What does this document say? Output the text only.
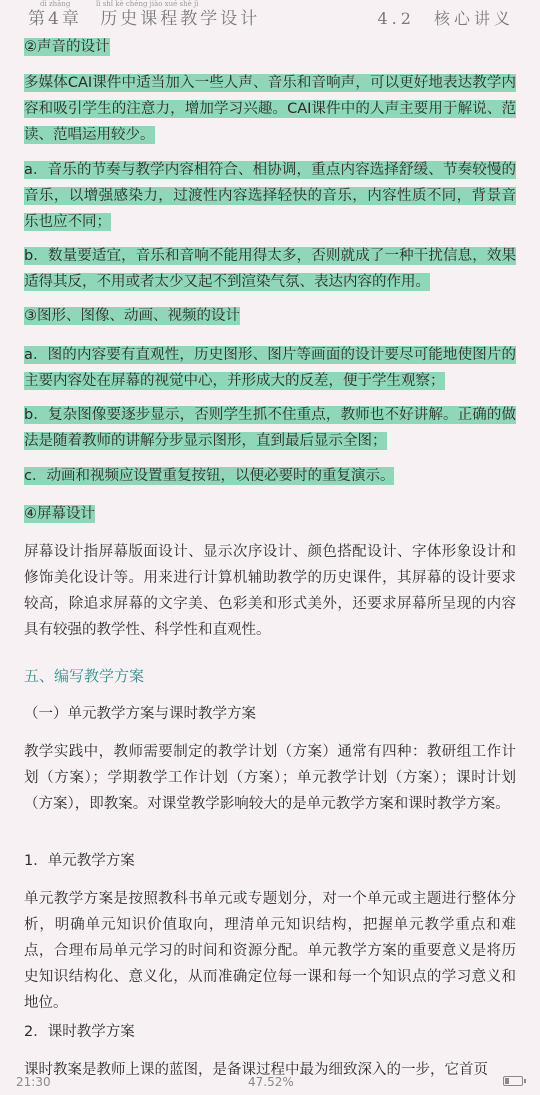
dì zhāng
第4章 历史课程教学设计
lì shǐ kè chéng jiào xué shè jì
4.2 核心讲义

②声音的设计

多媒体CAI课件中适当加入一些人声、音乐和音响声，可以更好地表达教学内容和吸引学生的注意力，增加学习兴趣。CAI课件中的人声主要用于解说、范读、范唱运用较少。

a．音乐的节奏与教学内容相符合、相协调，重点内容选择舒缓、节奏较慢的音乐，以增强感染力，过渡性内容选择轻快的音乐，内容性质不同，背景音乐也应不同；

b．数量要适宜，音乐和音响不能用得太多，否则就成了一种干扰信息，效果适得其反，不用或者太少又起不到渲染气氛、表达内容的作用。

③图形、图像、动画、视频的设计

a．图的内容要有直观性，历史图形、图片等画面的设计要尽可能地使图片的主要内容处在屏幕的视觉中心，并形成大的反差，便于学生观察；

b．复杂图像要逐步显示，否则学生抓不住重点，教师也不好讲解。正确的做法是随着教师的讲解分步显示图形，直到最后显示全图；

c．动画和视频应设置重复按钮，以便必要时的重复演示。

④屏幕设计

屏幕设计指屏幕版面设计、显示次序设计、颜色搭配设计、字体形象设计和修饰美化设计等。用来进行计算机辅助教学的历史课件，其屏幕的设计要求较高，除追求屏幕的文字美、色彩美和形式美外，还要求屏幕所呈现的内容具有较强的教学性、科学性和直观性。

五、编写教学方案

（一）单元教学方案与课时教学方案

教学实践中，教师需要制定的教学计划（方案）通常有四种：教研组工作计划（方案）；学期教学工作计划（方案）；单元教学计划（方案）；课时计划（方案），即教案。对课堂教学影响较大的是单元教学方案和课时教学方案。

1．单元教学方案

单元教学方案是按照教科书单元或专题划分，对一个单元或主题进行整体分析，明确单元知识价值取向，理清单元知识结构，把握单元教学重点和难点，合理布局单元学习的时间和资源分配。单元教学方案的重要意义是将历史知识结构化、意义化，从而准确定位每一课和每一个知识点的学习意义和地位。

2．课时教学方案

课时教案是教师上课的蓝图，是备课过程中最为细致深入的一步，它首页

21:30	47.52%
